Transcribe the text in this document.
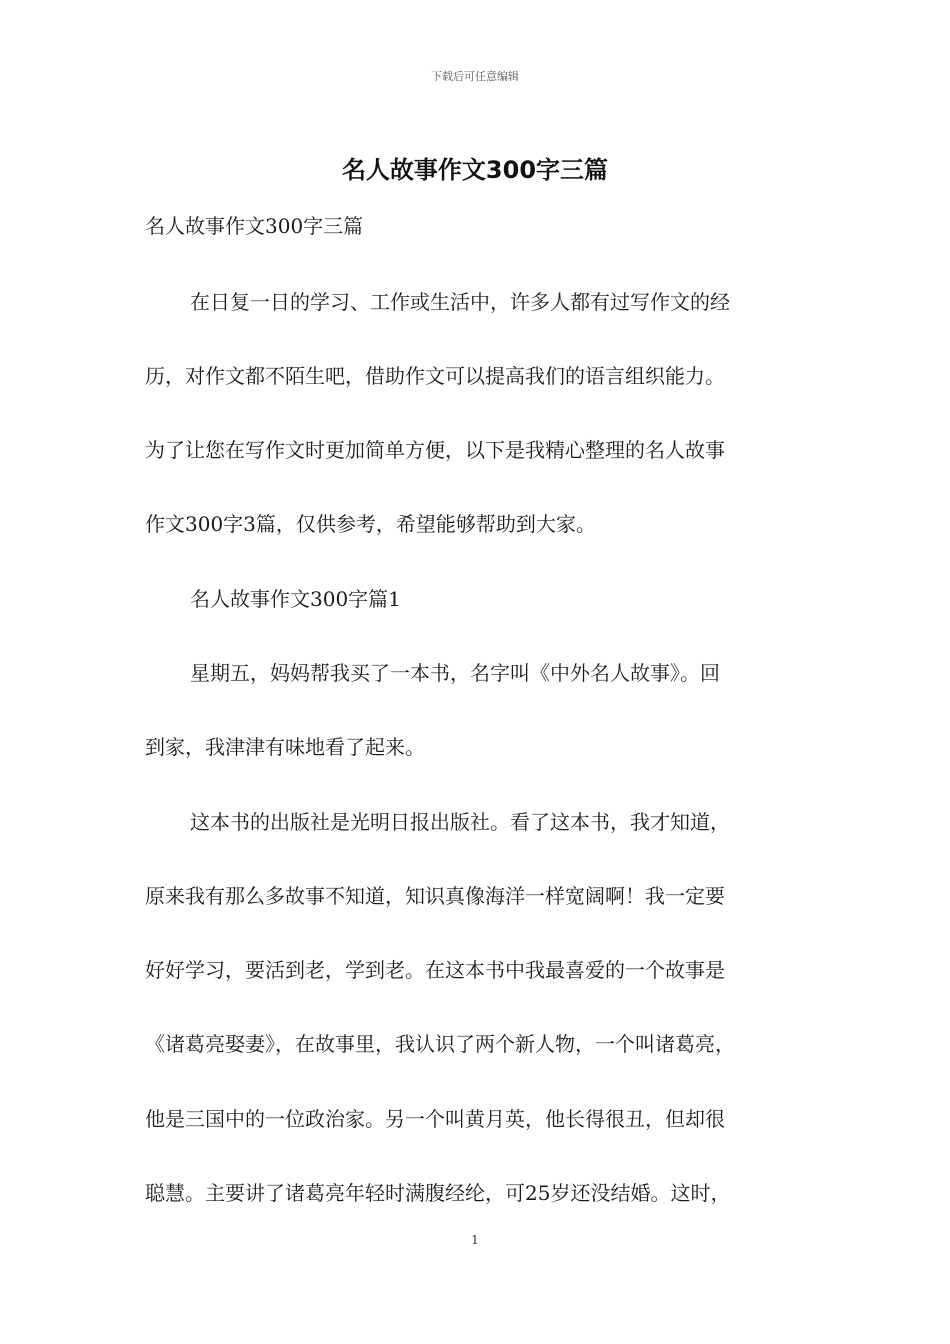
下载后可任意编辑
名人故事作文300字三篇
名人故事作文300字三篇
在日复一日的学习、工作或生活中，许多人都有过写作文的经
历，对作文都不陌生吧，借助作文可以提高我们的语言组织能力。
为了让您在写作文时更加简单方便，以下是我精心整理的名人故事
作文300字3篇，仅供参考，希望能够帮助到大家。
名人故事作文300字篇1
星期五，妈妈帮我买了一本书，名字叫《中外名人故事》。回
到家，我津津有味地看了起来。
这本书的出版社是光明日报出版社。看了这本书，我才知道，
原来我有那么多故事不知道，知识真像海洋一样宽阔啊！我一定要
好好学习，要活到老，学到老。在这本书中我最喜爱的一个故事是
《诸葛亮娶妻》，在故事里，我认识了两个新人物，一个叫诸葛亮，
他是三国中的一位政治家。另一个叫黄月英，他长得很丑，但却很
聪慧。主要讲了诸葛亮年轻时满腹经纶，可25岁还没结婚。这时，
1
